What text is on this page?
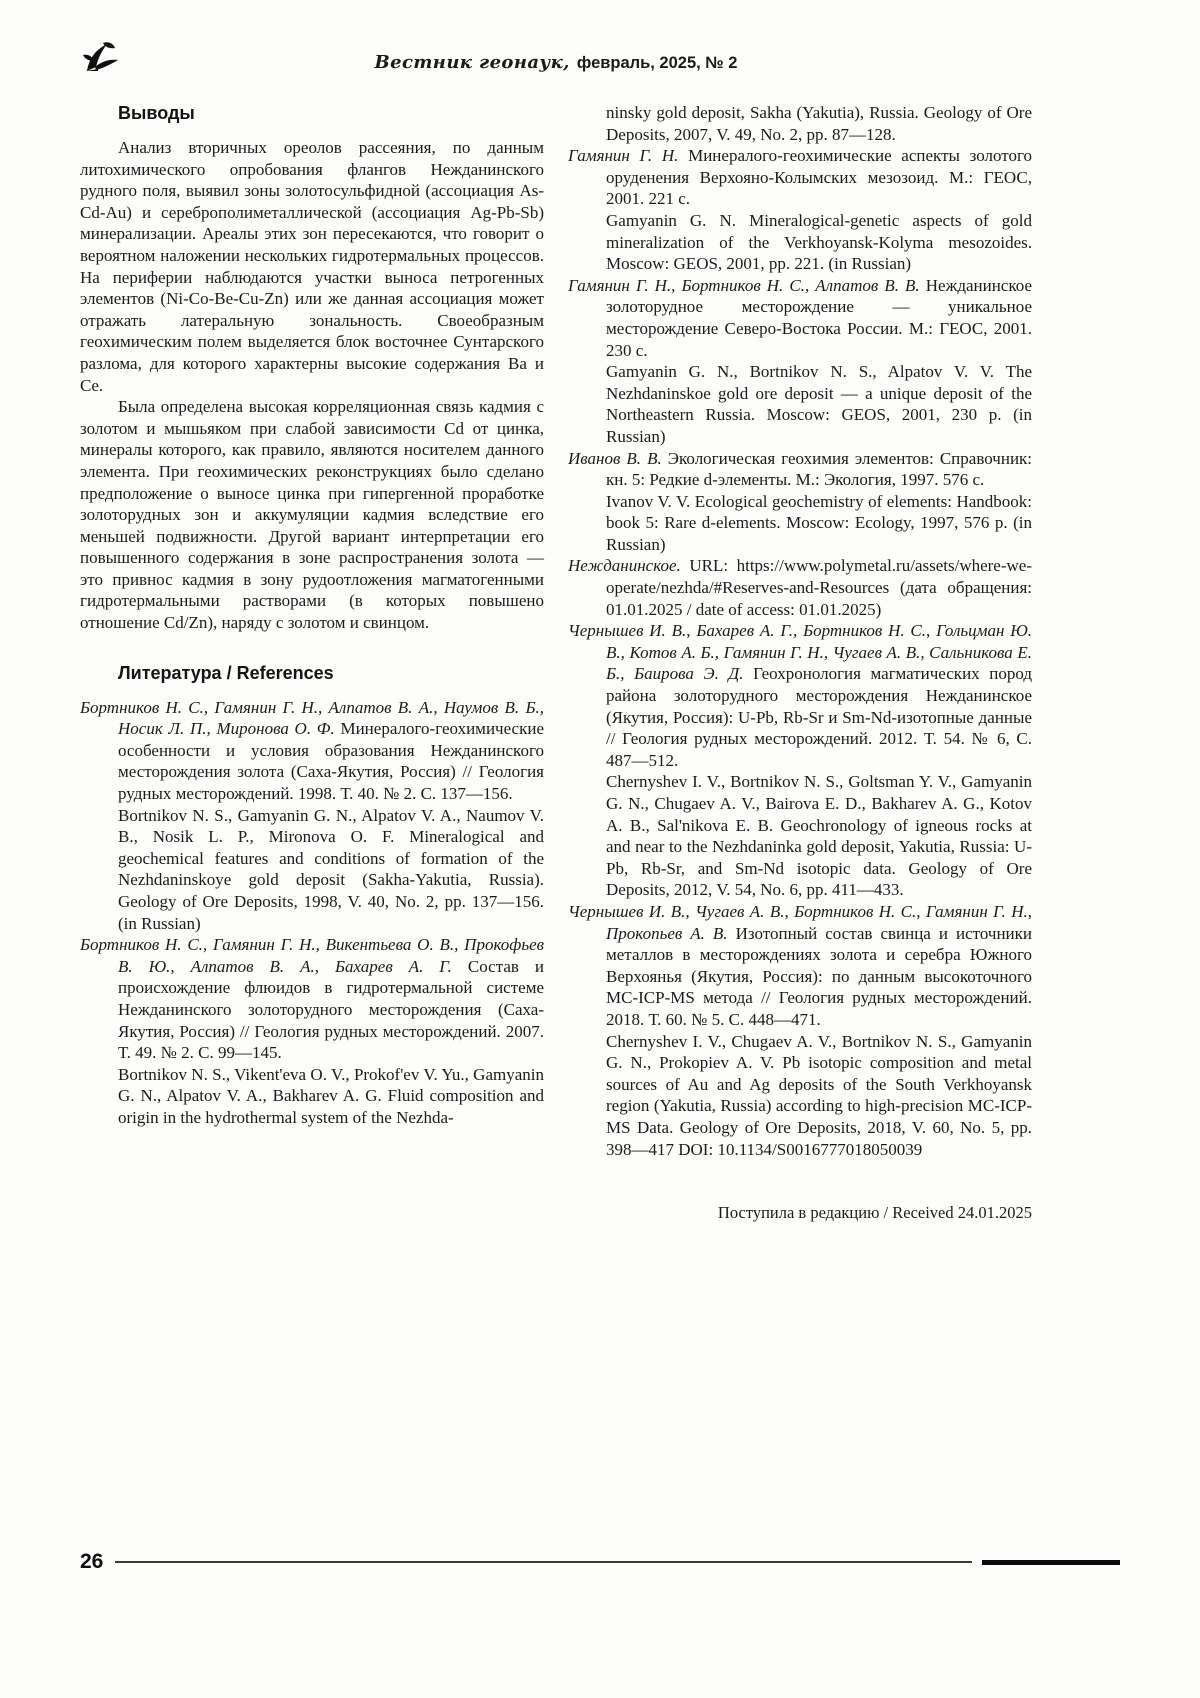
Вестник геонаук, февраль, 2025, № 2
Выводы

Анализ вторичных ореолов рассеяния, по данным литохимического опробования флангов Нежданинского рудного поля, выявил зоны золотосульфидной (ассоциация As-Cd-Au) и сереброполиметаллической (ассоциация Ag-Pb-Sb) минерализации. Ареалы этих зон пересекаются, что говорит о вероятном наложении нескольких гидротермальных процессов. На периферии наблюдаются участки выноса петрогенных элементов (Ni-Co-Be-Cu-Zn) или же данная ассоциация может отражать латеральную зональность. Своеобразным геохимическим полем выделяется блок восточнее Сунтарского разлома, для которого характерны высокие содержания Ba и Ce.

Была определена высокая корреляционная связь кадмия с золотом и мышьяком при слабой зависимости Cd от цинка, минералы которого, как правило, являются носителем данного элемента. При геохимических реконструкциях было сделано предположение о выносе цинка при гипергенной проработке золоторудных зон и аккумуляции кадмия вследствие его меньшей подвижности. Другой вариант интерпретации его повышенного содержания в зоне распространения золота — это привнос кадмия в зону рудоотложения магматогенными гидротермальными растворами (в которых повышено отношение Cd/Zn), наряду с золотом и свинцом.

Литература / References

Бортников Н. С., Гамянин Г. Н., Алпатов В. А., Наумов В. Б., Носик Л. П., Миронова О. Ф. Минералого-геохимические особенности и условия образования Нежданинского месторождения золота (Саха-Якутия, Россия) // Геология рудных месторождений. 1998. Т. 40. № 2. С. 137—156.

Bortnikov N. S., Gamyanin G. N., Alpatov V. A., Naumov V. B., Nosik L. P., Mironova O. F. Mineralogical and geochemical features and conditions of formation of the Nezhdaninskoye gold deposit (Sakha-Yakutia, Russia). Geology of Ore Deposits, 1998, V. 40, No. 2, pp. 137—156. (in Russian)

Бортников Н. С., Гамянин Г. Н., Викентьева О. В., Прокофьев В. Ю., Алпатов В. А., Бахарев А. Г. Состав и происхождение флюидов в гидротермальной системе Нежданинского золоторудного месторождения (Саха-Якутия, Россия) // Геология рудных месторождений. 2007. Т. 49. № 2. С. 99—145.

Bortnikov N. S., Vikent'eva O. V., Prokof'ev V. Yu., Gamyanin G. N., Alpatov V. A., Bakharev A. G. Fluid composition and origin in the hydrothermal system of the Nezhda-

ninsky gold deposit, Sakha (Yakutia), Russia. Geology of Ore Deposits, 2007, V. 49, No. 2, pp. 87—128.

Гамянин Г. Н. Минералого-геохимические аспекты золотого оруденения Верхояно-Колымских мезозоид. М.: ГЕОС, 2001. 221 с.

Gamyanin G. N. Mineralogical-genetic aspects of gold mineralization of the Verkhoyansk-Kolyma mesozoides. Moscow: GEOS, 2001, pp. 221. (in Russian)

Гамянин Г. Н., Бортников Н. С., Алпатов В. В. Нежданинское золоторудное месторождение — уникальное месторождение Северо-Востока России. М.: ГЕОС, 2001. 230 с.

Gamyanin G. N., Bortnikov N. S., Alpatov V. V. The Nezhdaninskoe gold ore deposit — a unique deposit of the Northeastern Russia. Moscow: GEOS, 2001, 230 p. (in Russian)

Иванов В. В. Экологическая геохимия элементов: Справочник: кн. 5: Редкие d-элементы. М.: Экология, 1997. 576 с.

Ivanov V. V. Ecological geochemistry of elements: Handbook: book 5: Rare d-elements. Moscow: Ecology, 1997, 576 p. (in Russian)

Нежданинское. URL: https://www.polymetal.ru/assets/where-we-operate/nezhda/#Reserves-and-Resources (дата обращения: 01.01.2025 / date of access: 01.01.2025)

Чернышев И. В., Бахарев А. Г., Бортников Н. С., Гольцман Ю. В., Котов А. Б., Гамянин Г. Н., Чугаев А. В., Сальникова Е. Б., Баирова Э. Д. Геохронология магматических пород района золоторудного месторождения Нежданинское (Якутия, Россия): U-Pb, Rb-Sr и Sm-Nd-изотопные данные // Геология рудных месторождений. 2012. Т. 54. № 6, С. 487—512.

Chernyshev I. V., Bortnikov N. S., Goltsman Y. V., Gamyanin G. N., Chugaev A. V., Bairova E. D., Bakharev A. G., Kotov A. B., Sal'nikova E. B. Geochronology of igneous rocks at and near to the Nezhdaninka gold deposit, Yakutia, Russia: U-Pb, Rb-Sr, and Sm-Nd isotopic data. Geology of Ore Deposits, 2012, V. 54, No. 6, pp. 411—433.

Чернышев И. В., Чугаев А. В., Бортников Н. С., Гамянин Г. Н., Прокопьев А. В. Изотопный состав свинца и источники металлов в месторождениях золота и серебра Южного Верхоянья (Якутия, Россия): по данным высокоточного MC-ICP-MS метода // Геология рудных месторождений. 2018. Т. 60. № 5. С. 448—471.

Chernyshev I. V., Chugaev A. V., Bortnikov N. S., Gamyanin G. N., Prokopiev A. V. Pb isotopic composition and metal sources of Au and Ag deposits of the South Verkhoyansk region (Yakutia, Russia) according to high-precision MC-ICP-MS Data. Geology of Ore Deposits, 2018, V. 60, No. 5, pp. 398—417 DOI: 10.1134/S0016777018050039

Поступила в редакцию / Received 24.01.2025

26
